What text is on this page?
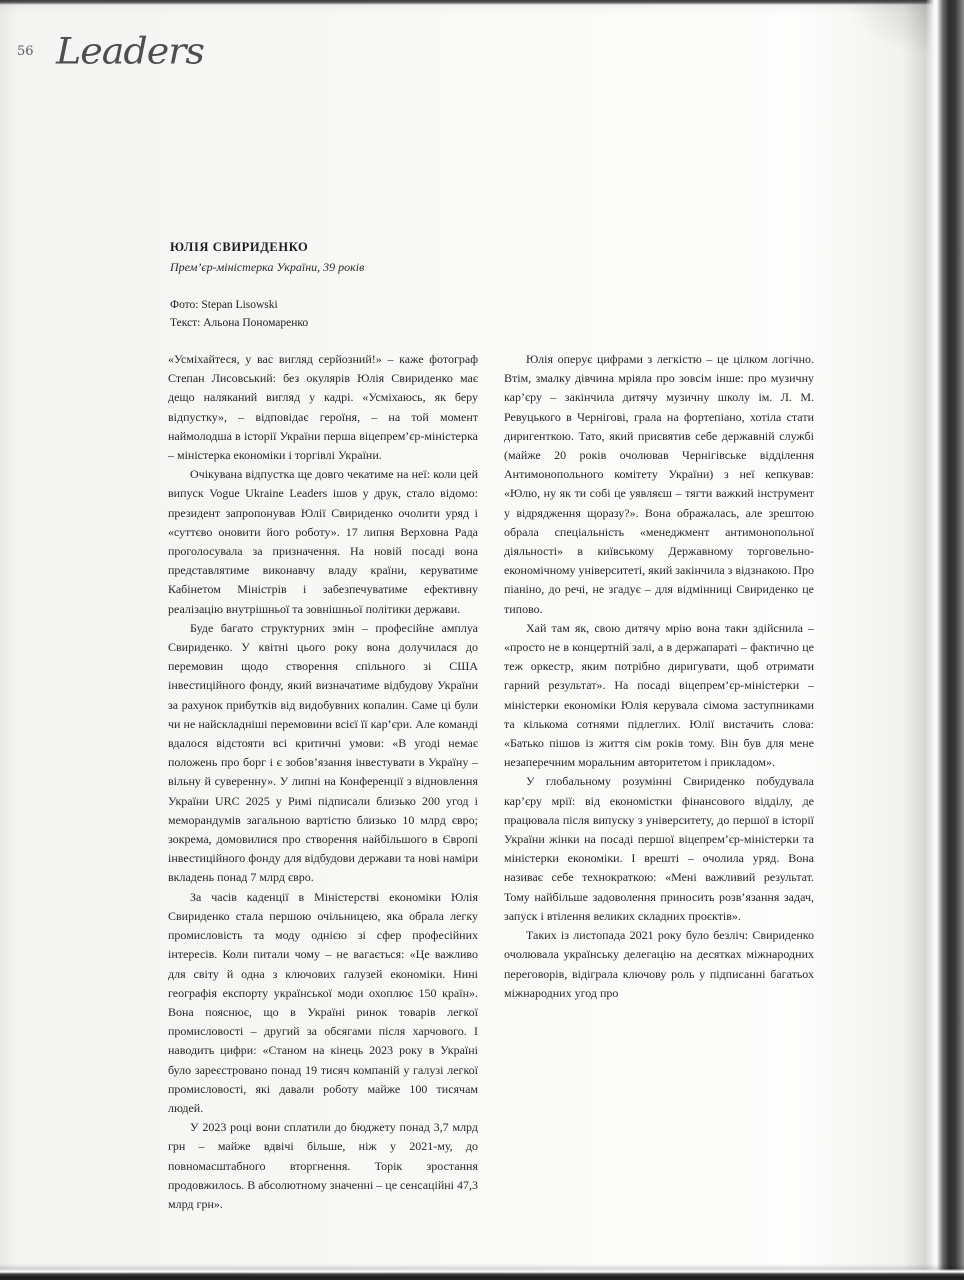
56 Leaders
ЮЛІЯ СВИРИДЕНКО
Прем’єр-міністерка України, 39 років
Фото: Stepan Lisowski
Текст: Альона Пономаренко

«Усміхайтеся, у вас вигляд серйозний!» – каже фотограф Степан Лисовський: без окулярів Юлія Свириденко має дещо наляканий вигляд у кадрі. «Усміхаюсь, як беру відпустку», – відповідає героїня, – на той момент наймолодша в історії України перша віцепрем’єр-міністерка – міністерка економіки і торгівлі України.

Очікувана відпустка ще довго чекатиме на неї: коли цей випуск Vogue Ukraine Leaders ішов у друк, стало відомо: президент запропонував Юлії Свириденко очолити уряд і «суттєво оновити його роботу». 17 липня Верховна Рада проголосувала за призначення. На новій посаді вона представлятиме виконавчу владу країни, керуватиме Кабінетом Міністрів і забезпечуватиме ефективну реалізацію внутрішньої та зовнішньої політики держави.

Буде багато структурних змін – професійне амплуа Свириденко. У квітні цього року вона долучилася до перемовин щодо створення спільного зі США інвестиційного фонду, який визначатиме відбудову України за рахунок прибутків від видобувних копалин. Саме ці були чи не найскладніші перемовини всієї її кар’єри. Але команді вдалося відстояти всі критичні умови: «В угоді немає положень про борг і є зобов’язання інвестувати в Україну – вільну й суверенну». У липні на Конференції з відновлення України URC 2025 у Римі підписали близько 200 угод і меморандумів загальною вартістю близько 10 млрд євро; зокрема, домовилися про створення найбільшого в Європі інвестиційного фонду для відбудови держави та нові наміри вкладень понад 7 млрд євро.

За часів каденції в Міністерстві економіки Юлія Свириденко стала першою очільницею, яка обрала легку промисловість та моду однією зі сфер професійних інтересів. Коли питали чому – не вагається: «Це важливо для світу й одна з ключових галузей економіки. Нині географія експорту української моди охоплює 150 країн». Вона пояснює, що в Україні ринок товарів легкої промисловості – другий за обсягами після харчового. І наводить цифри: «Станом на кінець 2023 року в Україні було зареєстровано понад 19 тисяч компаній у галузі легкої промисловості, які давали роботу майже 100 тисячам людей.

У 2023 році вони сплатили до бюджету понад 3,7 млрд грн – майже вдвічі більше, ніж у 2021-му, до повномасштабного вторгнення. Торік зростання продовжилось. В абсолютному значенні – це сенсаційні 47,3 млрд грн».

Юлія оперує цифрами з легкістю – це цілком логічно. Втім, змалку дівчина мріяла про зовсім інше: про музичну кар’єру – закінчила дитячу музичну школу ім. Л. М. Ревуцького в Чернігові, грала на фортепіано, хотіла стати диригенткою. Тато, який присвятив себе державній службі (майже 20 років очолював Чернігівське відділення Антимонопольного комітету України) з неї кепкував: «Юлю, ну як ти собі це уявляєш – тягти важкий інструмент у відрядження щоразу?». Вона ображалась, але зрештою обрала спеціальність «менеджмент антимонопольної діяльності» в київському Державному торговельно-економічному університеті, який закінчила з відзнакою. Про піаніно, до речі, не згадує – для відмінниці Свириденко це типово.

Хай там як, свою дитячу мрію вона таки здійснила – «просто не в концертній залі, а в держапараті – фактично це теж оркестр, яким потрібно диригувати, щоб отримати гарний результат». На посаді віцепрем’єр-міністерки – міністерки економіки Юлія керувала сімома заступниками та кількома сотнями підлеглих. Юлії вистачить слова: «Батько пішов із життя сім років тому. Він був для мене незаперечним моральним авторитетом і прикладом».

У глобальному розумінні Свириденко побудувала кар’єру мрії: від економістки фінансового відділу, де працювала після випуску з університету, до першої в історії України жінки на посаді першої віцепрем’єр-міністерки та міністерки економіки. І врешті – очолила уряд. Вона називає себе технократкою: «Мені важливий результат. Тому найбільше задоволення приносить розв’язання задач, запуск і втілення великих складних проєктів».

Таких із листопада 2021 року було безліч: Свириденко очолювала українську делегацію на десятках міжнародних переговорів, відіграла ключову роль у підписанні багатьох міжнародних угод про
